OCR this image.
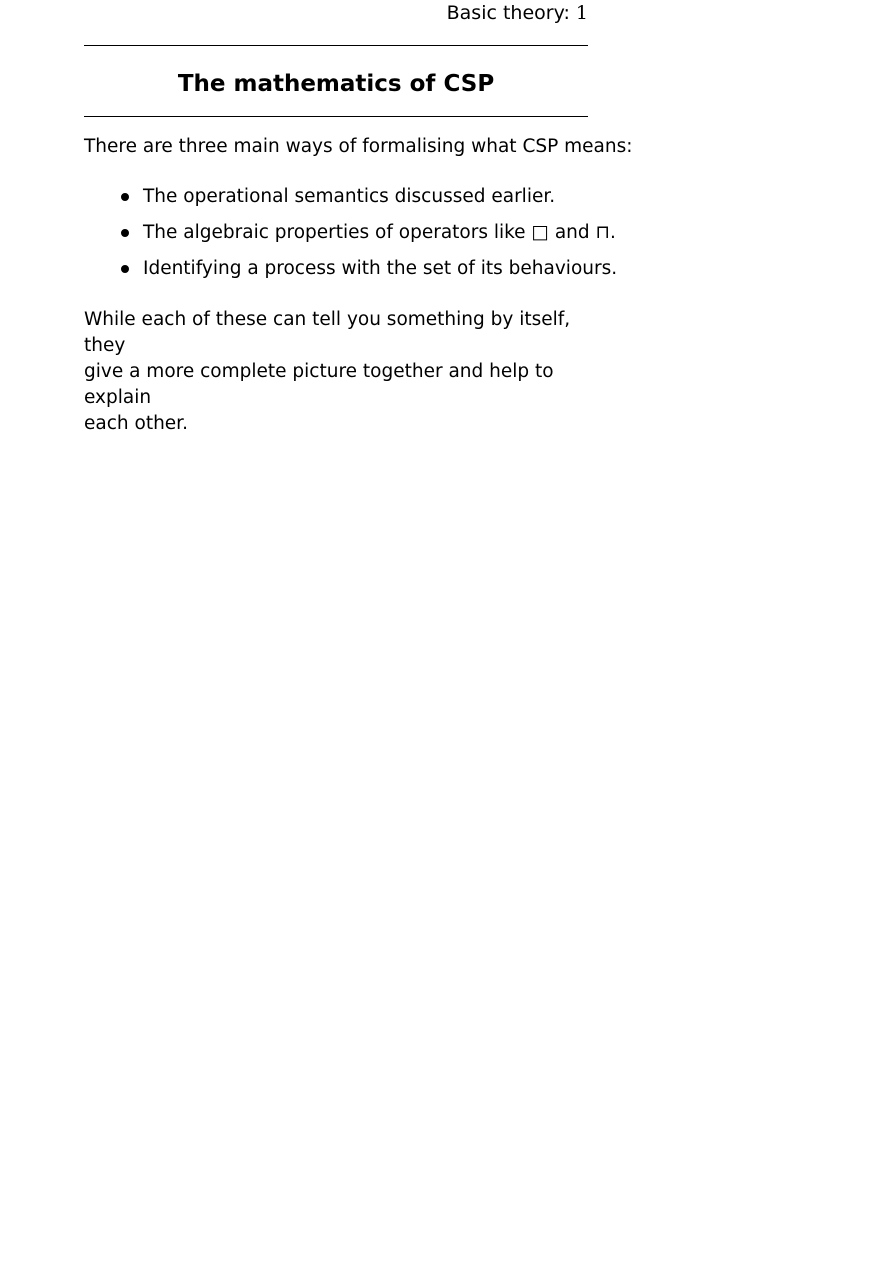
Basic theory: 1
The mathematics of CSP

There are three main ways of formalising what CSP means:

The operational semantics discussed earlier.
The algebraic properties of operators like □ and ⊓.
Identifying a process with the set of its behaviours.

While each of these can tell you something by itself, they
give a more complete picture together and help to explain
each other.
